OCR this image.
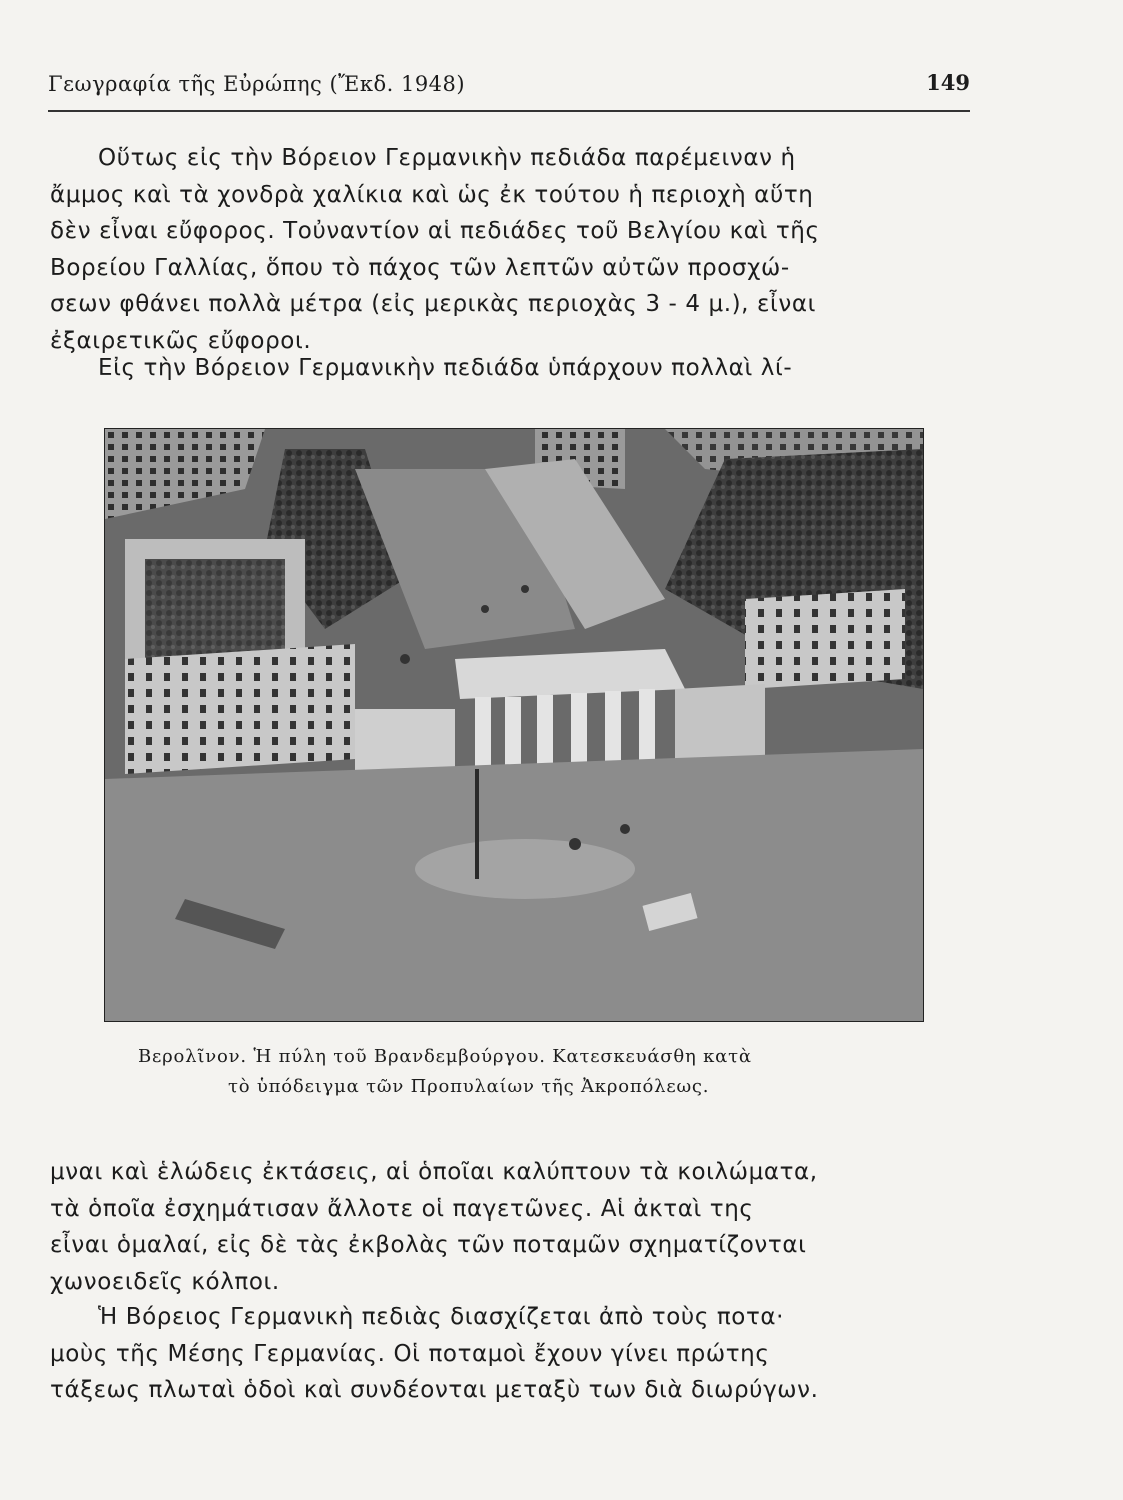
Γεωγραφία τῆς Εὐρώπης (Ἔκδ. 1948)	149

Οὕτως εἰς τὴν Βόρειον Γερμανικὴν πεδιάδα παρέμειναν ἡ
ἄμμος καὶ τὰ χονδρὰ χαλίκια καὶ ὡς ἐκ τούτου ἡ περιοχὴ αὕτη
δὲν εἶναι εὔφορος. Τοὐναντίον αἱ πεδιάδες τοῦ Βελγίου καὶ τῆς
Βορείου Γαλλίας, ὅπου τὸ πάχος τῶν λεπτῶν αὐτῶν προσχώ-
σεων φθάνει πολλὰ μέτρα (εἰς μερικὰς περιοχὰς 3 - 4 μ.), εἶναι
ἐξαιρετικῶς εὔφοροι.

Εἰς τὴν Βόρειον Γερμανικὴν πεδιάδα ὑπάρχουν πολλαὶ λί-

Βερολῖνον. Ἡ πύλη τοῦ Βρανδεμβούργου. Κατεσκευάσθη κατὰ
τὸ ὑπόδειγμα τῶν Προπυλαίων τῆς Ἀκροπόλεως.

μναι καὶ ἑλώδεις ἐκτάσεις, αἱ ὁποῖαι καλύπτουν τὰ κοιλώματα,
τὰ ὁποῖα ἐσχημάτισαν ἄλλοτε οἱ παγετῶνες. Αἱ ἀκταὶ της
εἶναι ὁμαλαί, εἰς δὲ τὰς ἐκβολὰς τῶν ποταμῶν σχηματίζονται
χωνοειδεῖς κόλποι.

Ἡ Βόρειος Γερμανικὴ πεδιὰς διασχίζεται ἀπὸ τοὺς ποτα·
μοὺς τῆς Μέσης Γερμανίας. Οἱ ποταμοὶ ἔχουν γίνει πρώτης
τάξεως πλωταὶ ὁδοὶ καὶ συνδέονται μεταξὺ των διὰ διωρύγων.
